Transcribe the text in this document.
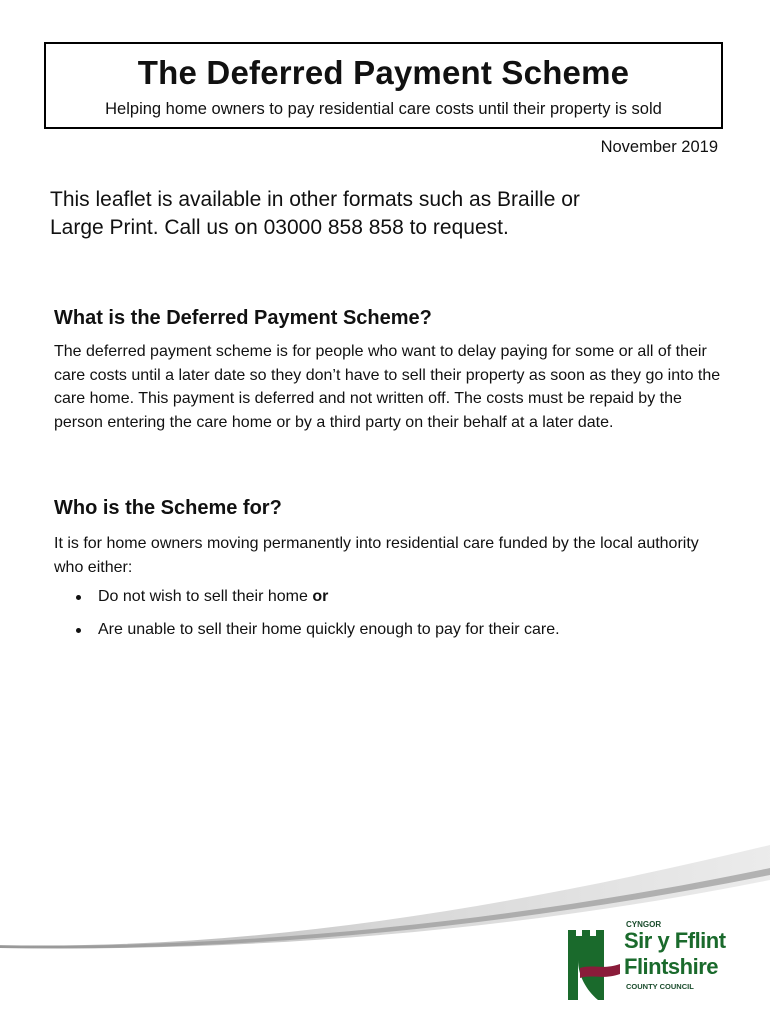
The Deferred Payment Scheme
Helping home owners to pay residential care costs until their property is sold
November 2019
This leaflet is available in other formats such as Braille or Large Print. Call us on 03000 858 858 to request.
What is the Deferred Payment Scheme?
The deferred payment scheme is for people who want to delay paying for some or all of their care costs until a later date so they don’t have to sell their property as soon as they go into the care home. This payment is deferred and not written off. The costs must be repaid by the person entering the care home or by a third party on their behalf at a later date.
Who is the Scheme for?
It is for home owners moving permanently into residential care funded by the local authority who either:
Do not wish to sell their home or
Are unable to sell their home quickly enough to pay for their care.
CYNGOR
Sir y Fflint
Flintshire
COUNTY COUNCIL
